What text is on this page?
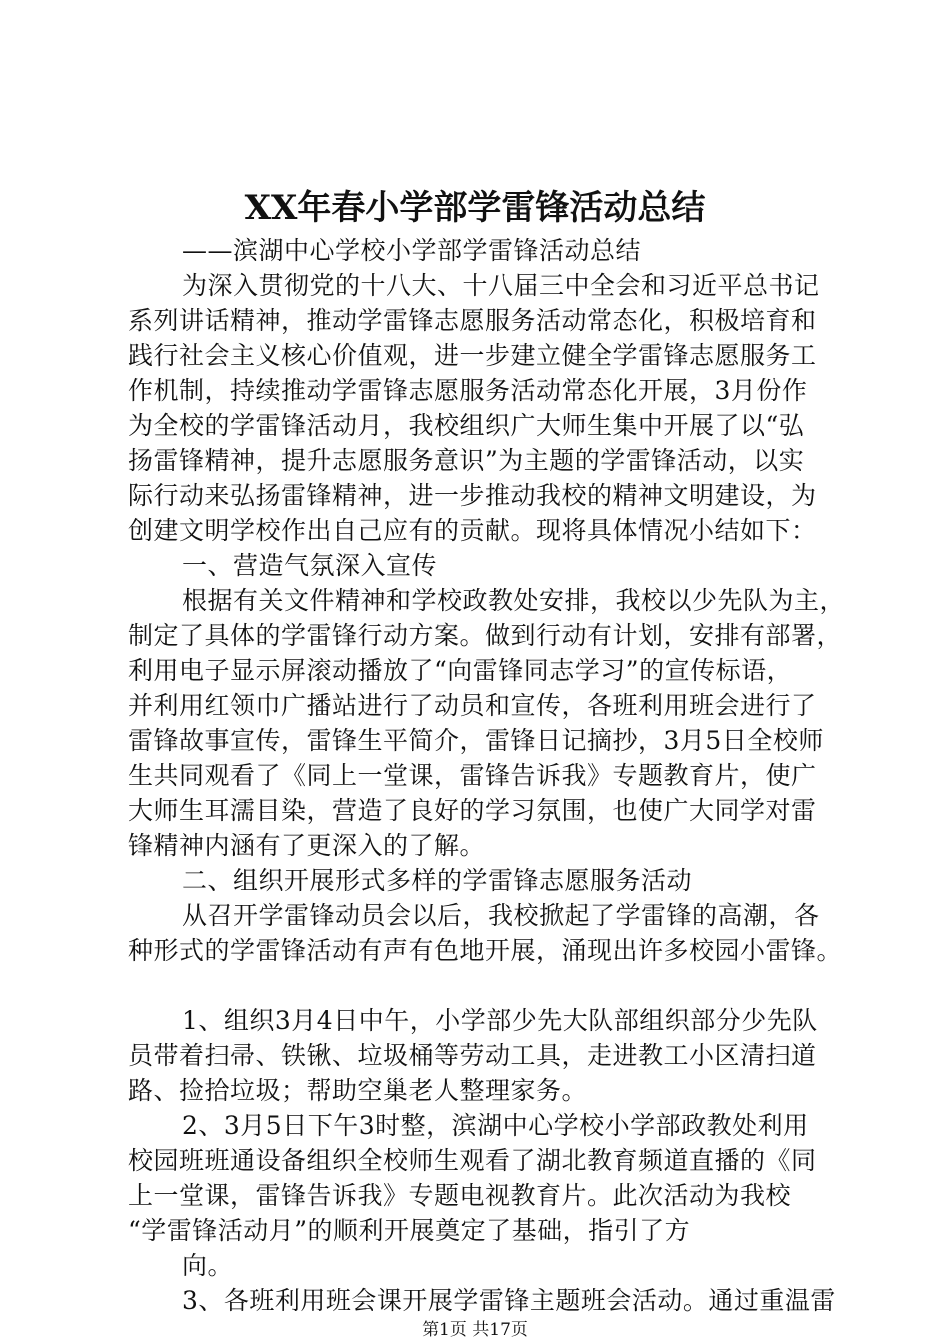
XX年春小学部学雷锋活动总结
——滨湖中心学校小学部学雷锋活动总结
为深入贯彻党的十八大、十八届三中全会和习近平总书记
系列讲话精神，推动学雷锋志愿服务活动常态化，积极培育和
践行社会主义核心价值观，进一步建立健全学雷锋志愿服务工
作机制，持续推动学雷锋志愿服务活动常态化开展，3月份作
为全校的学雷锋活动月，我校组织广大师生集中开展了以“弘
扬雷锋精神，提升志愿服务意识”为主题的学雷锋活动，以实
际行动来弘扬雷锋精神，进一步推动我校的精神文明建设，为
创建文明学校作出自己应有的贡献。现将具体情况小结如下：
一、营造气氛深入宣传
根据有关文件精神和学校政教处安排，我校以少先队为主，
制定了具体的学雷锋行动方案。做到行动有计划，安排有部署，
利用电子显示屏滚动播放了“向雷锋同志学习”的宣传标语，
并利用红领巾广播站进行了动员和宣传，各班利用班会进行了
雷锋故事宣传，雷锋生平简介，雷锋日记摘抄，3月5日全校师
生共同观看了《同上一堂课，雷锋告诉我》专题教育片，使广
大师生耳濡目染，营造了良好的学习氛围，也使广大同学对雷
锋精神内涵有了更深入的了解。
二、组织开展形式多样的学雷锋志愿服务活动
从召开学雷锋动员会以后，我校掀起了学雷锋的高潮，各
种形式的学雷锋活动有声有色地开展，涌现出许多校园小雷锋。
1、组织3月4日中午，小学部少先大队部组织部分少先队
员带着扫帚、铁锹、垃圾桶等劳动工具，走进教工小区清扫道
路、捡拾垃圾；帮助空巢老人整理家务。
2、3月5日下午3时整，滨湖中心学校小学部政教处利用
校园班班通设备组织全校师生观看了湖北教育频道直播的《同
上一堂课，雷锋告诉我》专题电视教育片。此次活动为我校
“学雷锋活动月”的顺利开展奠定了基础，指引了方
向。
3、各班利用班会课开展学雷锋主题班会活动。通过重温雷
第1页 共17页
